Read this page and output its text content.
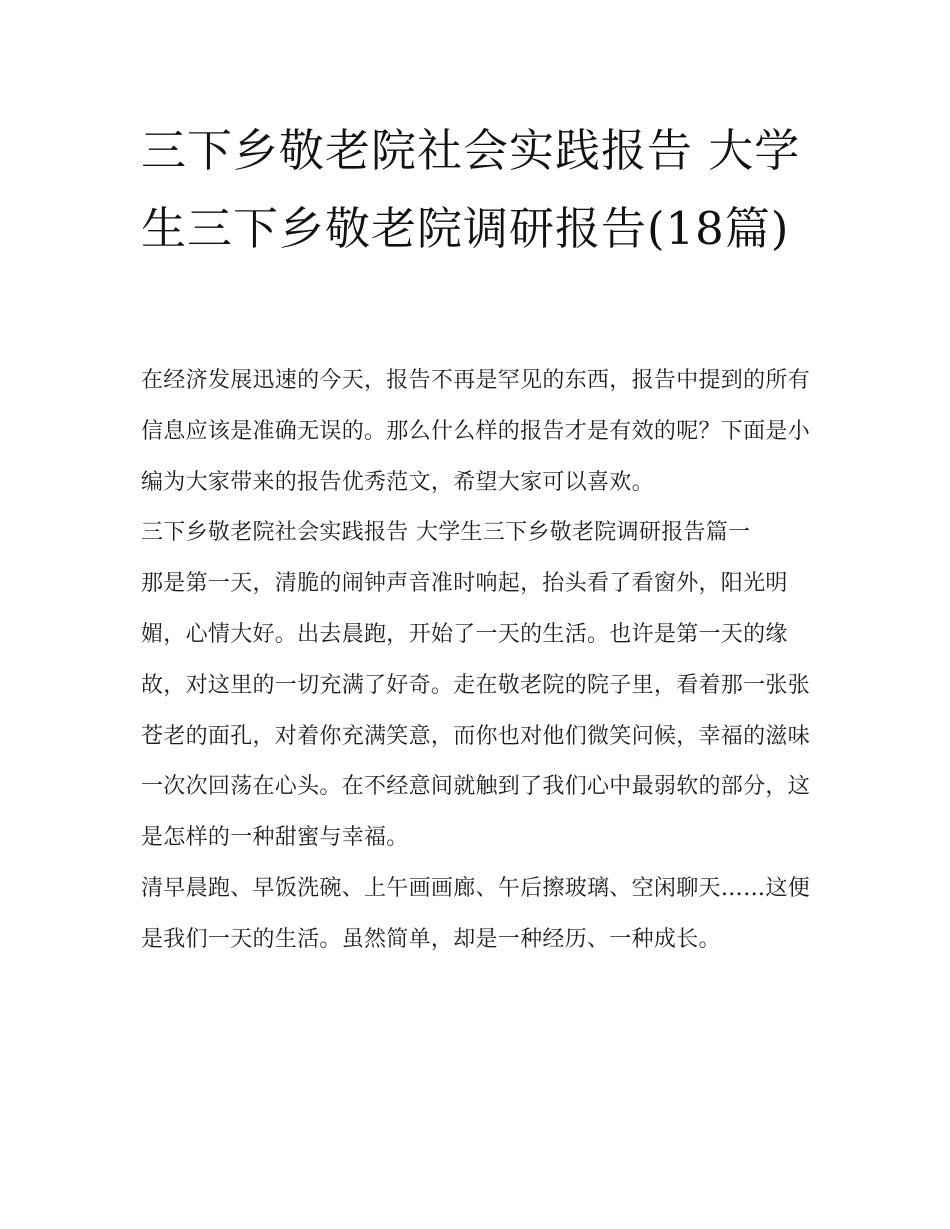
三下乡敬老院社会实践报告 大学生三下乡敬老院调研报告(18篇)

在经济发展迅速的今天，报告不再是罕见的东西，报告中提到的所有信息应该是准确无误的。那么什么样的报告才是有效的呢？下面是小编为大家带来的报告优秀范文，希望大家可以喜欢。

三下乡敬老院社会实践报告 大学生三下乡敬老院调研报告篇一

那是第一天，清脆的闹钟声音准时响起，抬头看了看窗外，阳光明媚，心情大好。出去晨跑，开始了一天的生活。也许是第一天的缘故，对这里的一切充满了好奇。走在敬老院的院子里，看着那一张张苍老的面孔，对着你充满笑意，而你也对他们微笑问候，幸福的滋味一次次回荡在心头。在不经意间就触到了我们心中最弱软的部分，这是怎样的一种甜蜜与幸福。

清早晨跑、早饭洗碗、上午画画廊、午后擦玻璃、空闲聊天……这便是我们一天的生活。虽然简单，却是一种经历、一种成长。
